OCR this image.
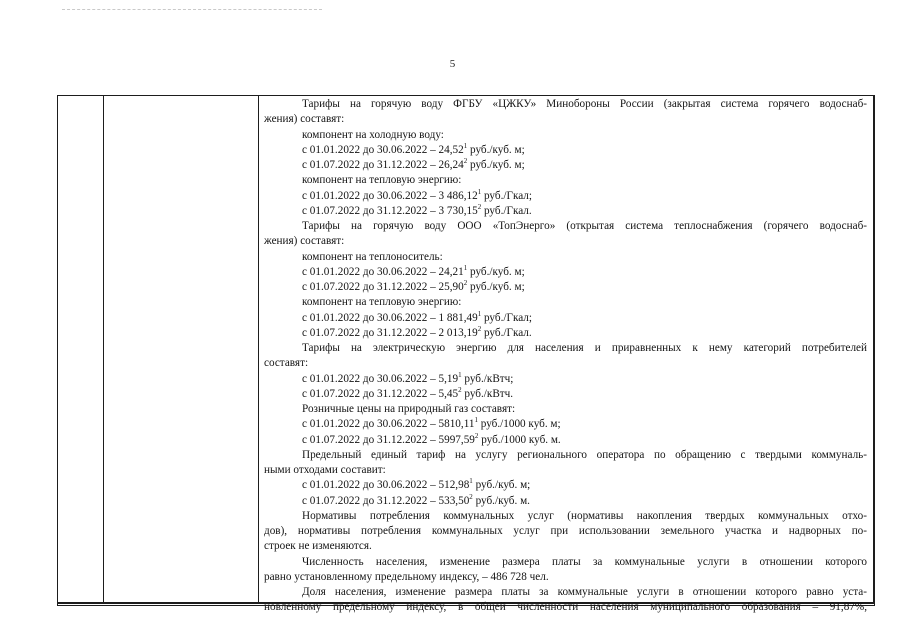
5
Тарифы на горячую воду ФГБУ «ЦЖКУ» Минобороны России (закрытая система горячего водоснаб-
жения) составят:
компонент на холодную воду:
с 01.01.2022 до 30.06.2022 – 24,52$^1$ руб./куб. м;
с 01.07.2022 до 31.12.2022 – 26,24$^2$ руб./куб. м;
компонент на тепловую энергию:
с 01.01.2022 до 30.06.2022 – 3 486,12$^1$ руб./Гкал;
с 01.07.2022 до 31.12.2022 – 3 730,15$^2$ руб./Гкал.
Тарифы на горячую воду ООО «ТопЭнерго» (открытая система теплоснабжения (горячего водоснаб-
жения) составят:
компонент на теплоноситель:
с 01.01.2022 до 30.06.2022 – 24,21$^1$ руб./куб. м;
с 01.07.2022 до 31.12.2022 – 25,90$^2$ руб./куб. м;
компонент на тепловую энергию:
с 01.01.2022 до 30.06.2022 – 1 881,49$^1$ руб./Гкал;
с 01.07.2022 до 31.12.2022 – 2 013,19$^2$ руб./Гкал.
Тарифы на электрическую энергию для населения и приравненных к нему категорий потребителей
составят:
с 01.01.2022 до 30.06.2022 – 5,19$^1$ руб./кВтч;
с 01.07.2022 до 31.12.2022 – 5,45$^2$ руб./кВтч.
Розничные цены на природный газ составят:
с 01.01.2022 до 30.06.2022 – 5810,11$^1$ руб./1000 куб. м;
с 01.07.2022 до 31.12.2022 – 5997,59$^2$ руб./1000 куб. м.
Предельный единый тариф на услугу регионального оператора по обращению с твердыми коммуналь-
ными отходами составит:
с 01.01.2022 до 30.06.2022 – 512,98$^1$ руб./куб. м;
с 01.07.2022 до 31.12.2022 – 533,50$^2$ руб./куб. м.
Нормативы потребления коммунальных услуг (нормативы накопления твердых коммунальных отхо-
дов), нормативы потребления коммунальных услуг при использовании земельного участка и надворных по-
строек не изменяются.
Численность населения, изменение размера платы за коммунальные услуги в отношении которого
равно установленному предельному индексу, – 486 728 чел.
Доля населения, изменение размера платы за коммунальные услуги в отношении которого равно уста-
новленному предельному индексу, в общей численности населения муниципального образования – 91,87%,
